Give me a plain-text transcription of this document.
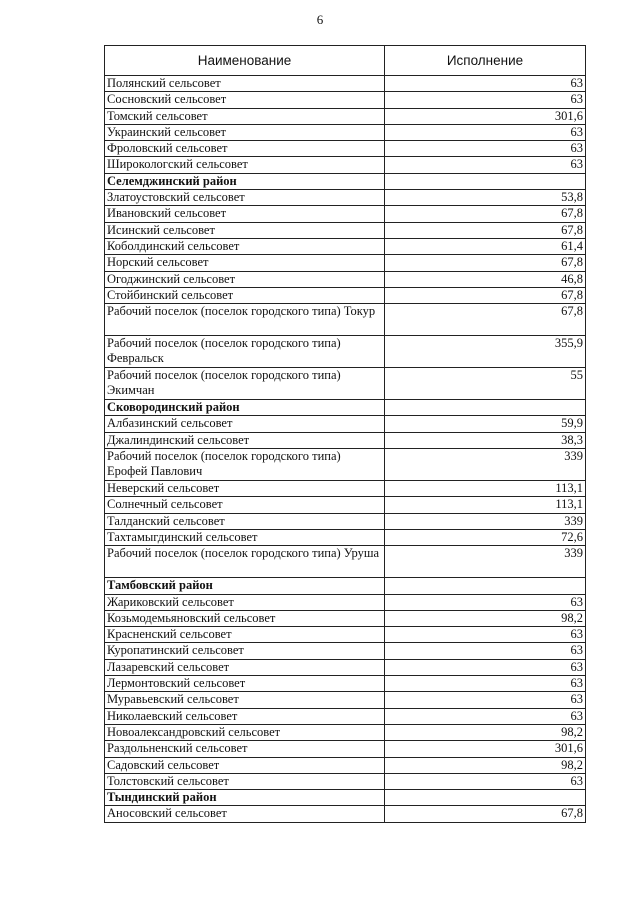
6
Наименование	Исполнение
Полянский сельсовет	63
Сосновский сельсовет	63
Томский сельсовет	301,6
Украинский сельсовет	63
Фроловский сельсовет	63
Широкологский сельсовет	63
Селемджинский район	
Златоустовский сельсовет	53,8
Ивановский сельсовет	67,8
Исинский сельсовет	67,8
Коболдинский сельсовет	61,4
Норский сельсовет	67,8
Огоджинский сельсовет	46,8
Стойбинский сельсовет	67,8
Рабочий поселок (поселок городского типа) Токур	67,8
Рабочий поселок (поселок городского типа) Февральск	355,9
Рабочий поселок (поселок городского типа) Экимчан	55
Сковородинский район	
Албазинский сельсовет	59,9
Джалиндинский сельсовет	38,3
Рабочий поселок (поселок городского типа) Ерофей Павлович	339
Неверский сельсовет	113,1
Солнечный сельсовет	113,1
Талданский сельсовет	339
Тахтамыгдинский сельсовет	72,6
Рабочий поселок (поселок городского типа) Уруша	339
Тамбовский район	
Жариковский сельсовет	63
Козьмодемьяновский сельсовет	98,2
Красненский сельсовет	63
Куропатинский сельсовет	63
Лазаревский сельсовет	63
Лермонтовский сельсовет	63
Муравьевский сельсовет	63
Николаевский сельсовет	63
Новоалександровский сельсовет	98,2
Раздольненский сельсовет	301,6
Садовский сельсовет	98,2
Толстовский сельсовет	63
Тындинский район	
Аносовский сельсовет	67,8
